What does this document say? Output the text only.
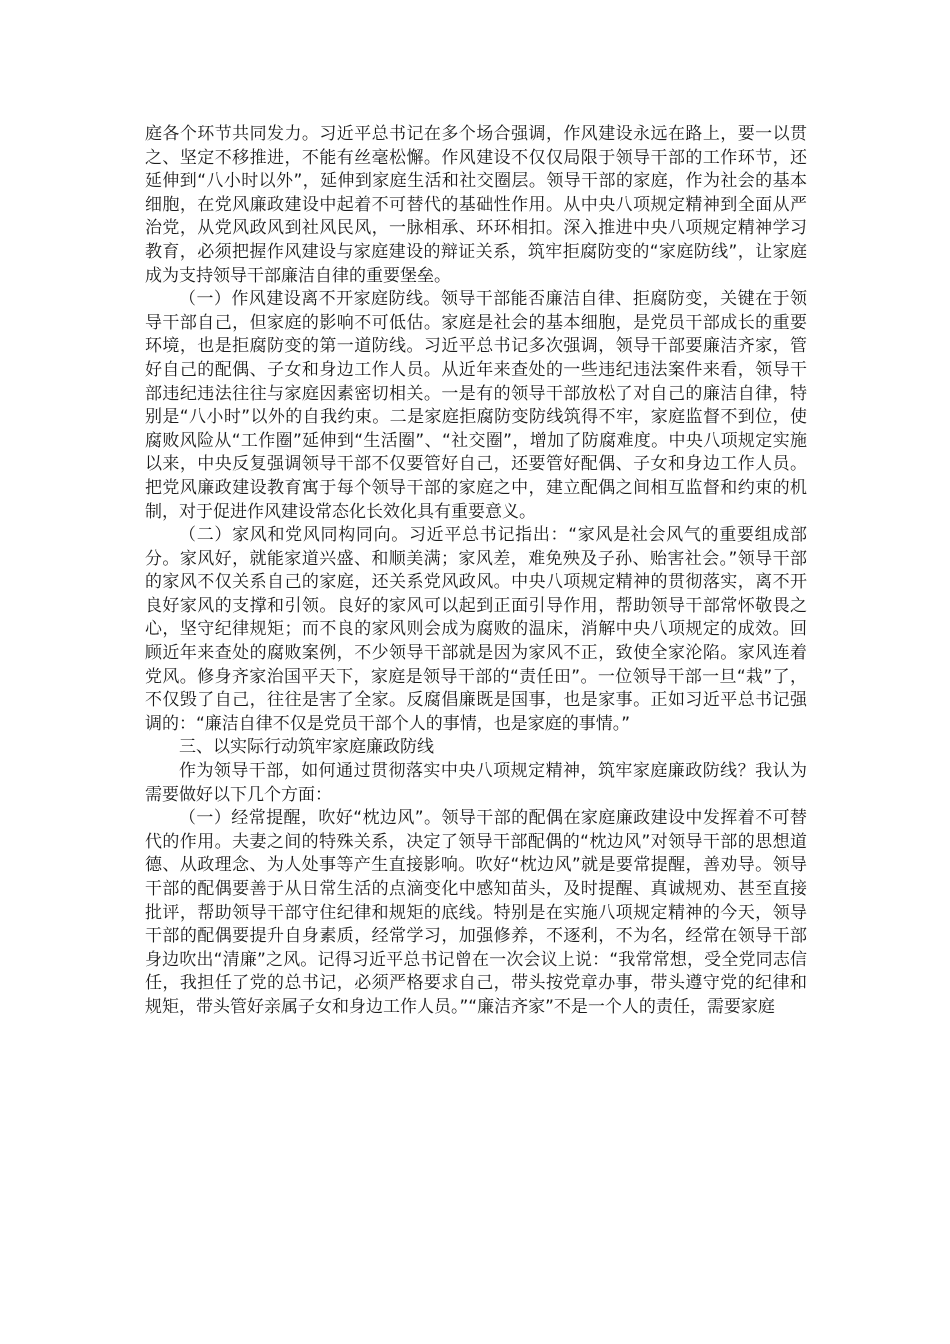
庭各个环节共同发力。习近平总书记在多个场合强调，作风建设永远在路上，要一以贯之、坚定不移推进，不能有丝毫松懈。作风建设不仅仅局限于领导干部的工作环节，还延伸到“八小时以外”，延伸到家庭生活和社交圈层。领导干部的家庭，作为社会的基本细胞，在党风廉政建设中起着不可替代的基础性作用。从中央八项规定精神到全面从严治党，从党风政风到社风民风，一脉相承、环环相扣。深入推进中央八项规定精神学习教育，必须把握作风建设与家庭建设的辩证关系，筑牢拒腐防变的“家庭防线”，让家庭成为支持领导干部廉洁自律的重要堡垒。

（一）作风建设离不开家庭防线。领导干部能否廉洁自律、拒腐防变，关键在于领导干部自己，但家庭的影响不可低估。家庭是社会的基本细胞，是党员干部成长的重要环境，也是拒腐防变的第一道防线。习近平总书记多次强调，领导干部要廉洁齐家，管好自己的配偶、子女和身边工作人员。从近年来查处的一些违纪违法案件来看，领导干部违纪违法往往与家庭因素密切相关。一是有的领导干部放松了对自己的廉洁自律，特别是“八小时”以外的自我约束。二是家庭拒腐防变防线筑得不牢，家庭监督不到位，使腐败风险从“工作圈”延伸到“生活圈”、“社交圈”，增加了防腐难度。中央八项规定实施以来，中央反复强调领导干部不仅要管好自己，还要管好配偶、子女和身边工作人员。把党风廉政建设教育寓于每个领导干部的家庭之中，建立配偶之间相互监督和约束的机制，对于促进作风建设常态化长效化具有重要意义。

（二）家风和党风同构同向。习近平总书记指出：“家风是社会风气的重要组成部分。家风好，就能家道兴盛、和顺美满；家风差，难免殃及子孙、贻害社会。”领导干部的家风不仅关系自己的家庭，还关系党风政风。中央八项规定精神的贯彻落实，离不开良好家风的支撑和引领。良好的家风可以起到正面引导作用，帮助领导干部常怀敬畏之心，坚守纪律规矩；而不良的家风则会成为腐败的温床，消解中央八项规定的成效。回顾近年来查处的腐败案例，不少领导干部就是因为家风不正，致使全家沦陷。家风连着党风。修身齐家治国平天下，家庭是领导干部的“责任田”。一位领导干部一旦“栽”了，不仅毁了自己，往往是害了全家。反腐倡廉既是国事，也是家事。正如习近平总书记强调的：“廉洁自律不仅是党员干部个人的事情，也是家庭的事情。”

三、以实际行动筑牢家庭廉政防线

作为领导干部，如何通过贯彻落实中央八项规定精神，筑牢家庭廉政防线？我认为需要做好以下几个方面：

（一）经常提醒，吹好“枕边风”。领导干部的配偶在家庭廉政建设中发挥着不可替代的作用。夫妻之间的特殊关系，决定了领导干部配偶的“枕边风”对领导干部的思想道德、从政理念、为人处事等产生直接影响。吹好“枕边风”就是要常提醒，善劝导。领导干部的配偶要善于从日常生活的点滴变化中感知苗头，及时提醒、真诚规劝、甚至直接批评，帮助领导干部守住纪律和规矩的底线。特别是在实施八项规定精神的今天，领导干部的配偶要提升自身素质，经常学习，加强修养，不逐利，不为名，经常在领导干部身边吹出“清廉”之风。记得习近平总书记曾在一次会议上说：“我常常想，受全党同志信任，我担任了党的总书记，必须严格要求自己，带头按党章办事，带头遵守党的纪律和规矩，带头管好亲属子女和身边工作人员。”“廉洁齐家”不是一个人的责任，需要家庭
